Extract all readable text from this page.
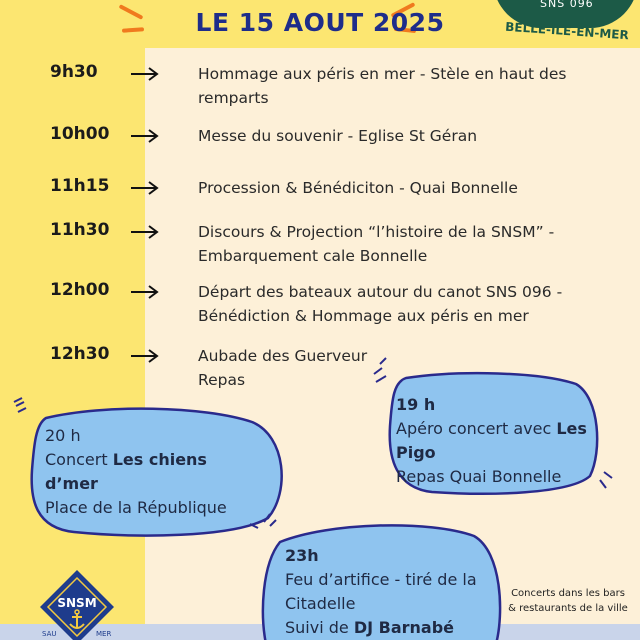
LE 15 AOUT 2025
SNS 096
BELLE-ÎLE-EN-MER
9h30	Hommage aux péris en mer - Stèle en haut des
remparts
10h00	Messe du souvenir - Eglise St Géran
11h15	Procession & Bénédiciton - Quai Bonnelle
11h30	Discours & Projection “l’histoire de la SNSM” -
Embarquement cale Bonnelle
12h00	Départ des bateaux autour du canot SNS 096 -
Bénédiction & Hommage aux péris en mer
12h30	Aubade des Guerveur
Repas
20 h
Concert Les chiens
d’mer
Place de la République
19 h
Apéro concert avec Les
Pigo
Repas Quai Bonnelle
23h
Feu d’artifice - tiré de la
Citadelle
Suivi de DJ Barnabé
Concerts dans les bars
& restaurants de la ville
SNSM
SAU	MER
